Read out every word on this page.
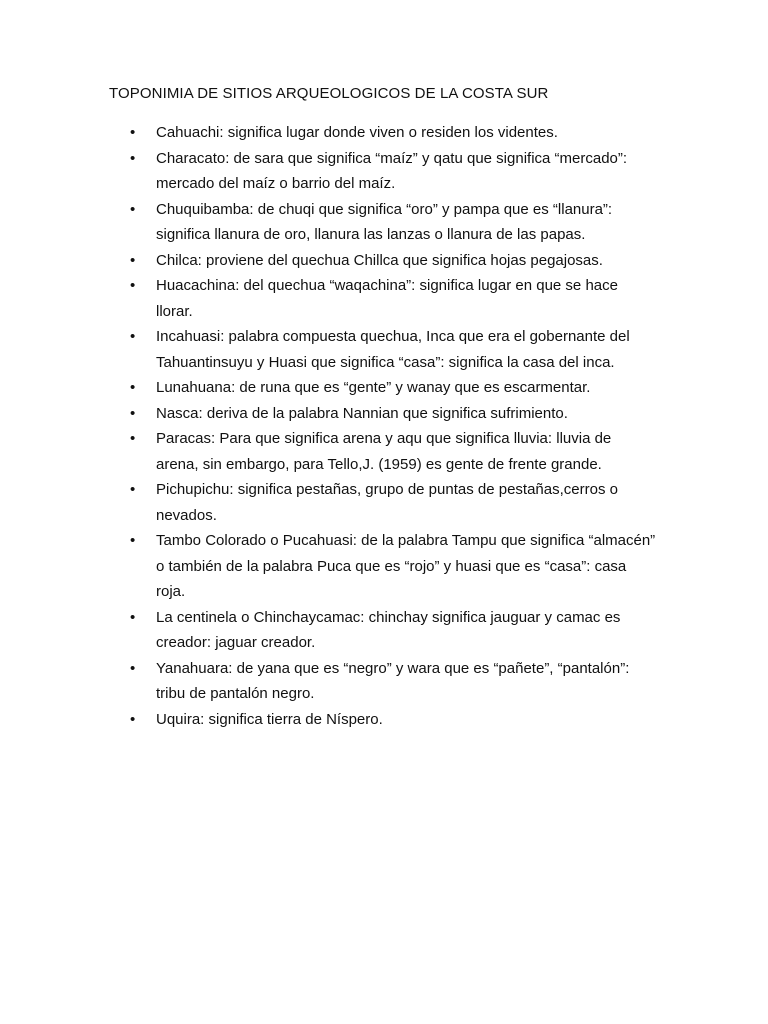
TOPONIMIA DE SITIOS ARQUEOLOGICOS DE LA COSTA SUR
• Cahuachi: significa lugar donde viven o residen los videntes.
• Characato: de sara que significa “maíz” y qatu que significa “mercado”: mercado del maíz o barrio del maíz.
• Chuquibamba: de chuqi que significa “oro” y pampa que es “llanura”: significa llanura de oro, llanura las lanzas o llanura de las papas.
• Chilca: proviene del quechua Chillca que significa hojas pegajosas.
• Huacachina: del quechua “waqachina”: significa lugar en que se hace llorar.
• Incahuasi: palabra compuesta quechua, Inca que era el gobernante del Tahuantinsuyu y Huasi que significa “casa”: significa la casa del inca.
• Lunahuana: de runa que es “gente” y wanay que es escarmentar.
• Nasca: deriva de la palabra Nannian que significa sufrimiento.
• Paracas: Para que significa arena y aqu que significa lluvia: lluvia de arena, sin embargo, para Tello,J. (1959) es gente de frente grande.
• Pichupichu: significa pestañas, grupo de puntas de pestañas,cerros o nevados.
• Tambo Colorado o Pucahuasi: de la palabra Tampu que significa “almacén” o también de la palabra Puca que es “rojo” y huasi que es “casa”: casa roja.
• La centinela o Chinchaycamac: chinchay significa jauguar y camac es creador: jaguar creador.
• Yanahuara: de yana que es “negro” y wara que es “pañete”, “pantalón”: tribu de pantalón negro.
• Uquira: significa tierra de Níspero.
